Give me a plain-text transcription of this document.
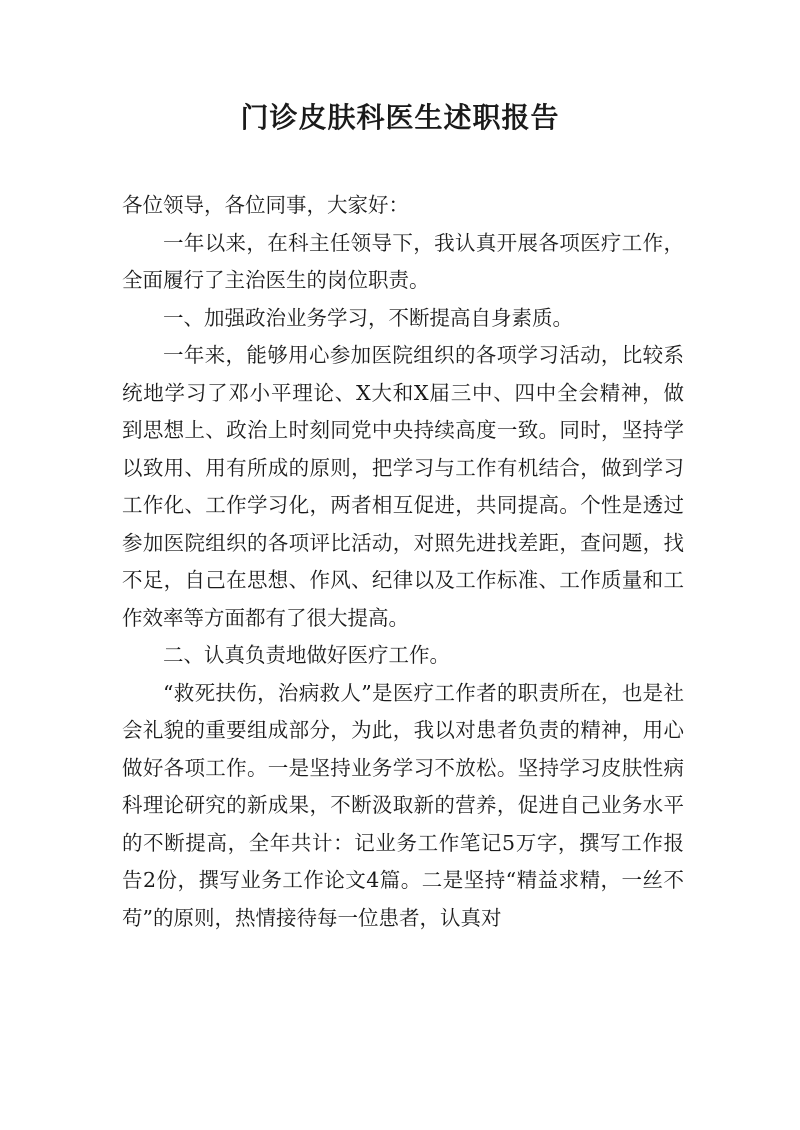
门诊皮肤科医生述职报告

各位领导，各位同事，大家好：

一年以来，在科主任领导下，我认真开展各项医疗工作，全面履行了主治医生的岗位职责。

一、加强政治业务学习，不断提高自身素质。

一年来，能够用心参加医院组织的各项学习活动，比较系统地学习了邓小平理论、X大和X届三中、四中全会精神，做到思想上、政治上时刻同党中央持续高度一致。同时，坚持学以致用、用有所成的原则，把学习与工作有机结合，做到学习工作化、工作学习化，两者相互促进，共同提高。个性是透过参加医院组织的各项评比活动，对照先进找差距，查问题，找不足，自己在思想、作风、纪律以及工作标准、工作质量和工作效率等方面都有了很大提高。

二、认真负责地做好医疗工作。

“救死扶伤，治病救人”是医疗工作者的职责所在，也是社会礼貌的重要组成部分，为此，我以对患者负责的精神，用心做好各项工作。一是坚持业务学习不放松。坚持学习皮肤性病科理论研究的新成果，不断汲取新的营养，促进自己业务水平的不断提高，全年共计：记业务工作笔记5万字，撰写工作报告2份，撰写业务工作论文4篇。二是坚持“精益求精，一丝不苟”的原则，热情接待每一位患者，认真对
